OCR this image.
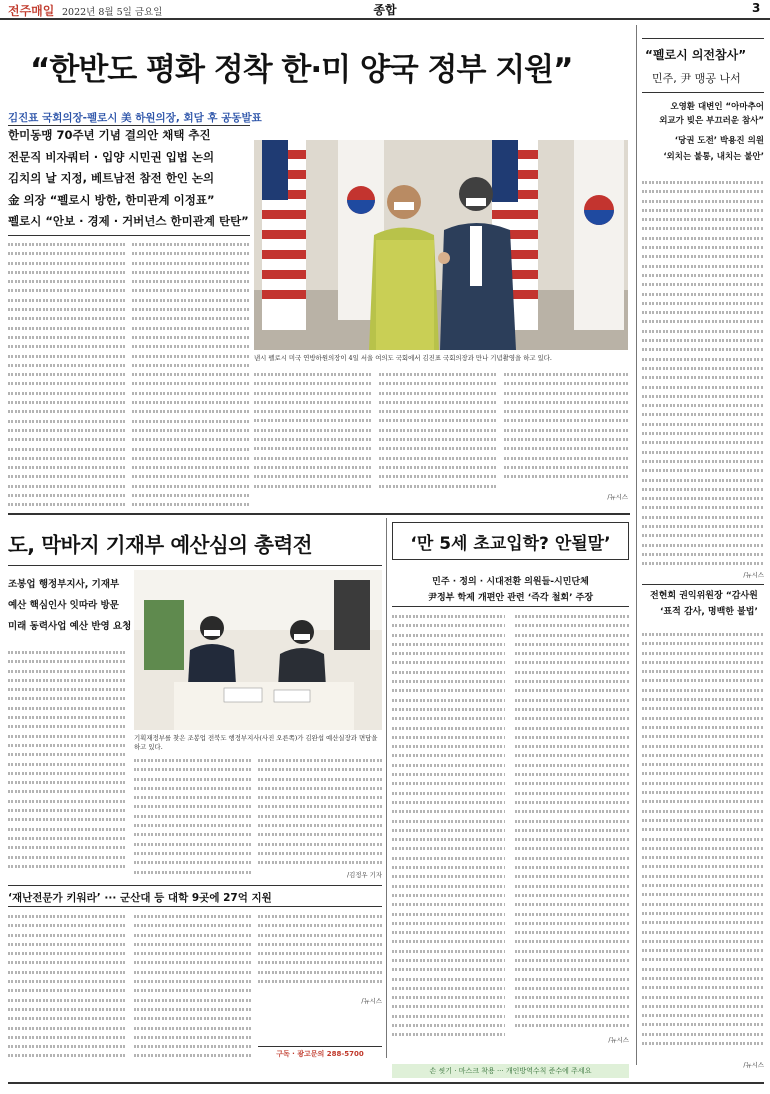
전주매일 2022년 8월 5일 금요일	종합	3
“한반도 평화 정착 한·미 양국 정부 지원”
김진표 국회의장-펠로시 美 하원의장, 회담 후 공동발표
한미동맹 70주년 기념 결의안 채택 추진
전문직 비자쿼터 · 입양 시민권 입법 논의
김치의 날 지정, 베트남전 참전 한인 논의
金 의장 “펠로시 방한, 한미관계 이정표”
펠로시 “안보 · 경제 · 거버넌스 한미관계 탄탄”
낸시 펠로시 미국 연방하원의장이 4일 서울 여의도 국회에서 김진표 국회의장과 만나 기념촬영을 하고 있다.
/뉴시스
“펠로시 의전참사”
민주, 尹 맹공 나서
오영환 대변인 “아마추어
외교가 빚은 부끄러운 참사”
‘당권 도전’ 박용진 의원
‘외치는 불통, 내치는 불안’
/뉴시스
전현희 권익위원장 “감사원
‘표적 감사, 명백한 불법’
/뉴시스
도, 막바지 기재부 예산심의 총력전
조봉업 행정부지사, 기재부
예산 핵심인사 잇따라 방문
미래 동력사업 예산 반영 요청
기획재정부를 찾은 조봉업 전북도 행정부지사(사진 오른쪽)가 김완섭 예산실장과 면담을 하고 있다.
/김정우 기자
‘만 5세 초교입학? 안될말’
민주 · 정의 · 시대전환 의원들-시민단체
尹정부 학제 개편안 관련 ‘즉각 철회’ 주장
/뉴시스
‘재난전문가 키워라’ ··· 군산대 등 대학 9곳에 27억 지원
/뉴시스
구독 · 광고문의 288-5700
손 씻기 · 마스크 착용 ··· 개인방역수칙 준수에 주세요
